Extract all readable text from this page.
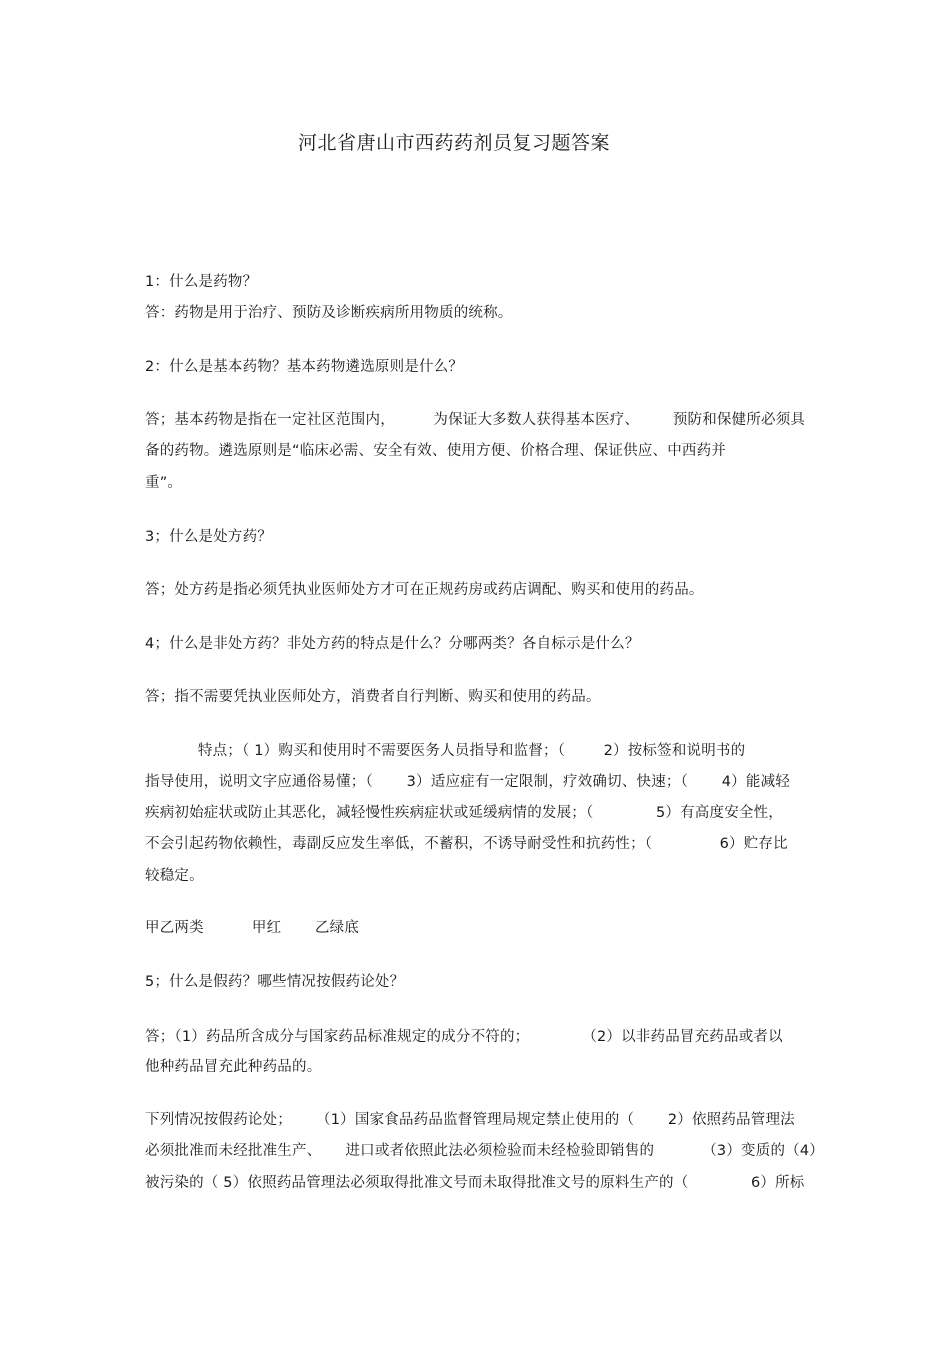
河北省唐山市西药药剂员复习题答案
1：什么是药物？
答：药物是用于治疗、预防及诊断疾病所用物质的统称。
2：什么是基本药物？基本药物遴选原则是什么？
答；基本药物是指在一定社区范围内，        为保证大多数人获得基本医疗、       预防和保健所必须具
备的药物。遴选原则是“临床必需、安全有效、使用方便、价格合理、保证供应、中西药并
重”。
3；什么是处方药？
答；处方药是指必须凭执业医师处方才可在正规药房或药店调配、购买和使用的药品。
4；什么是非处方药？非处方药的特点是什么？分哪两类？各自标示是什么？
答；指不需要凭执业医师处方，消费者自行判断、购买和使用的药品。
特点；（ 1）购买和使用时不需要医务人员指导和监督；（        2）按标签和说明书的
指导使用，说明文字应通俗易懂；（       3）适应症有一定限制，疗效确切、快速；（       4）能减轻
疾病初始症状或防止其恶化，减轻慢性疾病症状或延缓病情的发展；（             5）有高度安全性，
不会引起药物依赖性，毒副反应发生率低，不蓄积，不诱导耐受性和抗药性；（              6）贮存比
较稳定。
甲乙两类          甲红       乙绿底
5；什么是假药？哪些情况按假药论处？
答；（1）药品所含成分与国家药品标准规定的成分不符的；           （2）以非药品冒充药品或者以
他种药品冒充此种药品的。
下列情况按假药论处；     （1）国家食品药品监督管理局规定禁止使用的（       2）依照药品管理法
必须批准而未经批准生产、     进口或者依照此法必须检验而未经检验即销售的          （3）变质的（4）
被污染的（ 5）依照药品管理法必须取得批准文号而未取得批准文号的原料生产的（             6）所标
